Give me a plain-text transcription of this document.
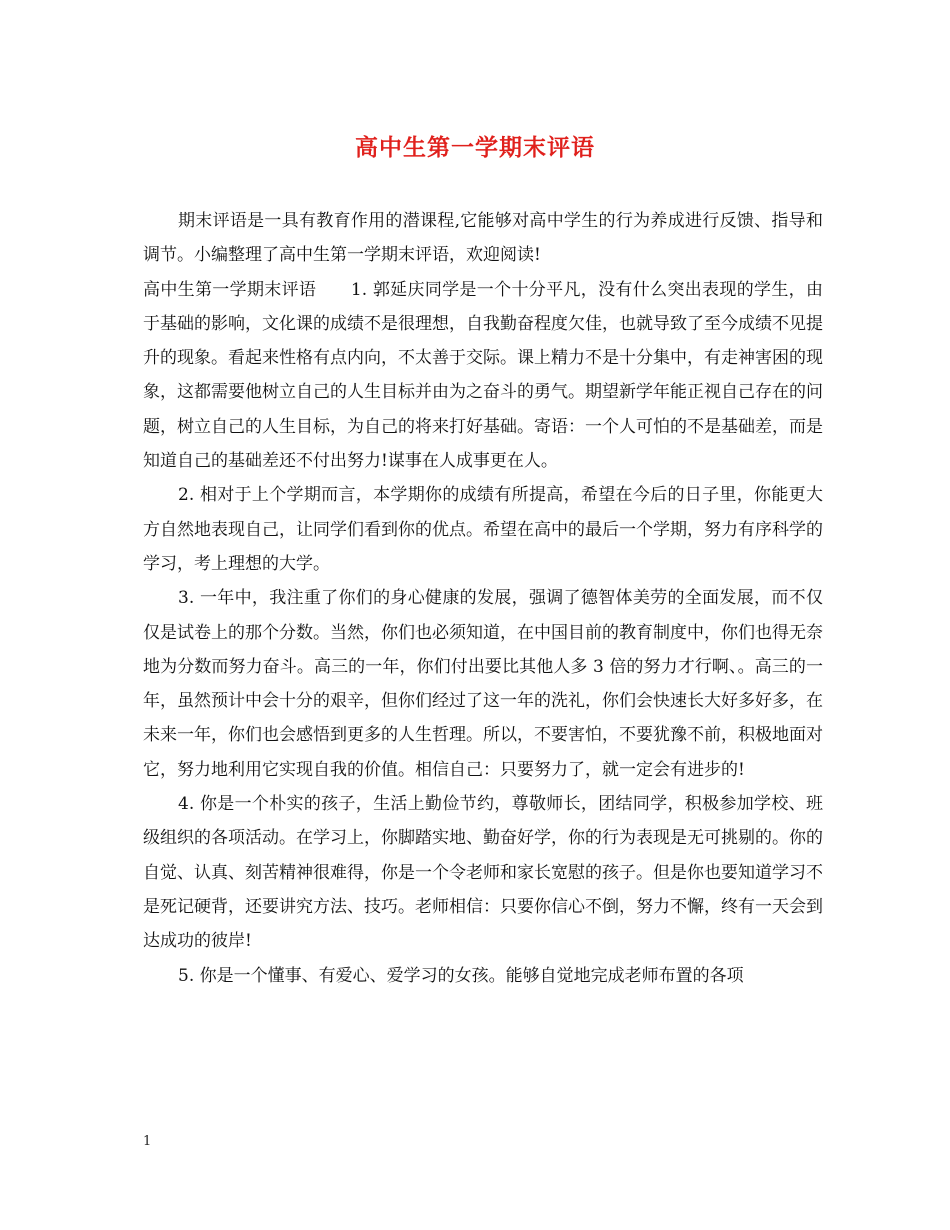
高中生第一学期末评语

期末评语是一具有教育作用的潜课程,它能够对高中学生的行为养成进行反馈、指导和调节。小编整理了高中生第一学期末评语，欢迎阅读!

高中生第一学期末评语　　1. 郭延庆同学是一个十分平凡，没有什么突出表现的学生，由于基础的影响，文化课的成绩不是很理想，自我勤奋程度欠佳，也就导致了至今成绩不见提升的现象。看起来性格有点内向，不太善于交际。课上精力不是十分集中，有走神害困的现象，这都需要他树立自己的人生目标并由为之奋斗的勇气。期望新学年能正视自己存在的问题，树立自己的人生目标，为自己的将来打好基础。寄语：一个人可怕的不是基础差，而是知道自己的基础差还不付出努力!谋事在人成事更在人。

2. 相对于上个学期而言，本学期你的成绩有所提高，希望在今后的日子里，你能更大方自然地表现自己，让同学们看到你的优点。希望在高中的最后一个学期，努力有序科学的学习，考上理想的大学。

3. 一年中，我注重了你们的身心健康的发展，强调了德智体美劳的全面发展，而不仅仅是试卷上的那个分数。当然，你们也必须知道，在中国目前的教育制度中，你们也得无奈地为分数而努力奋斗。高三的一年，你们付出要比其他人多 3 倍的努力才行啊、。高三的一年，虽然预计中会十分的艰辛，但你们经过了这一年的洗礼，你们会快速长大好多好多，在未来一年，你们也会感悟到更多的人生哲理。所以，不要害怕，不要犹豫不前，积极地面对它，努力地利用它实现自我的价值。相信自己：只要努力了，就一定会有进步的!

4. 你是一个朴实的孩子，生活上勤俭节约，尊敬师长，团结同学，积极参加学校、班级组织的各项活动。在学习上，你脚踏实地、勤奋好学，你的行为表现是无可挑剔的。你的自觉、认真、刻苦精神很难得，你是一个令老师和家长宽慰的孩子。但是你也要知道学习不是死记硬背，还要讲究方法、技巧。老师相信：只要你信心不倒，努力不懈，终有一天会到达成功的彼岸!

5. 你是一个懂事、有爱心、爱学习的女孩。能够自觉地完成老师布置的各项

1
